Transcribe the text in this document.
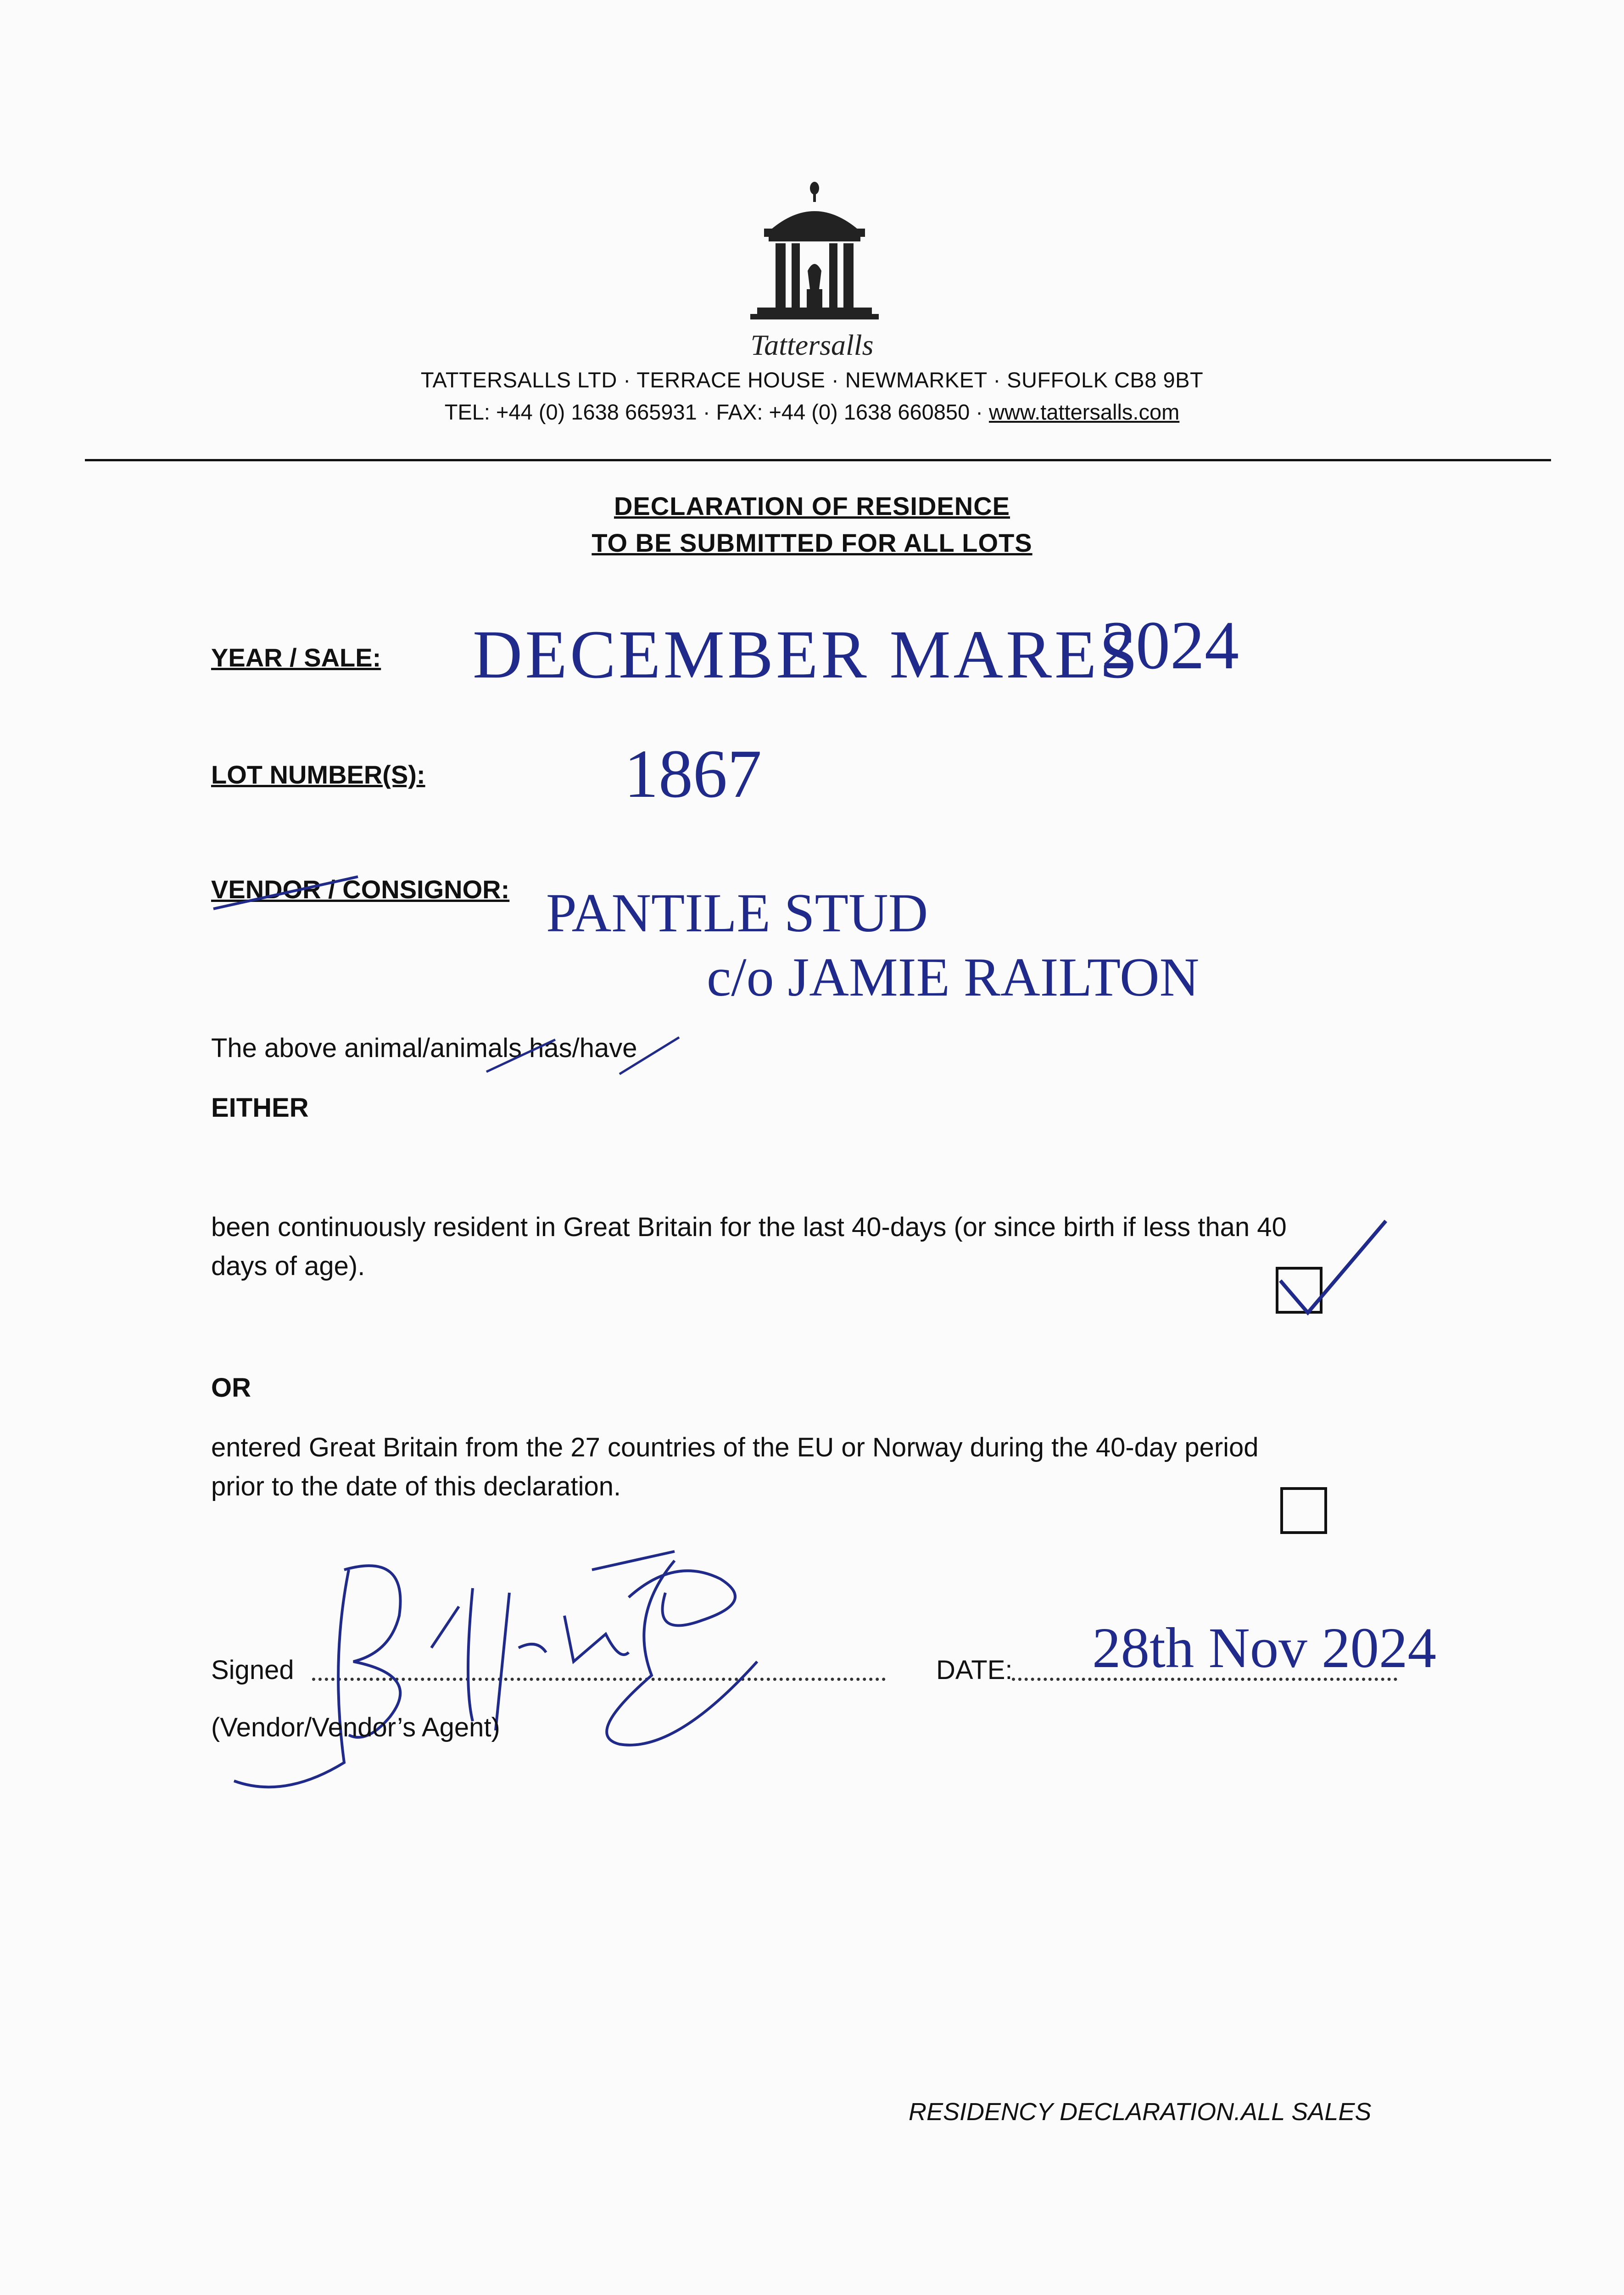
Tattersalls
TATTERSALLS LTD · TERRACE HOUSE · NEWMARKET · SUFFOLK CB8 9BT
TEL: +44 (0) 1638 665931 · FAX: +44 (0) 1638 660850 · www.tattersalls.com
DECLARATION OF RESIDENCE
TO BE SUBMITTED FOR ALL LOTS
YEAR / SALE: DECEMBER MARES
2024
LOT NUMBER(S):	1867
VENDOR / CONSIGNOR: PANTILE STUD
c/o JAMIE RAILTON
The above animal/animals has/have
EITHER
been continuously resident in Great Britain for the last 40-days (or since birth if less than 40
days of age).
OR
entered Great Britain from the 27 countries of the EU or Norway during the 40-day period
prior to the date of this declaration.
Signed
(Vendor/Vendor’s Agent)
DATE: 28th Nov 2024
RESIDENCY DECLARATION.ALL SALES
